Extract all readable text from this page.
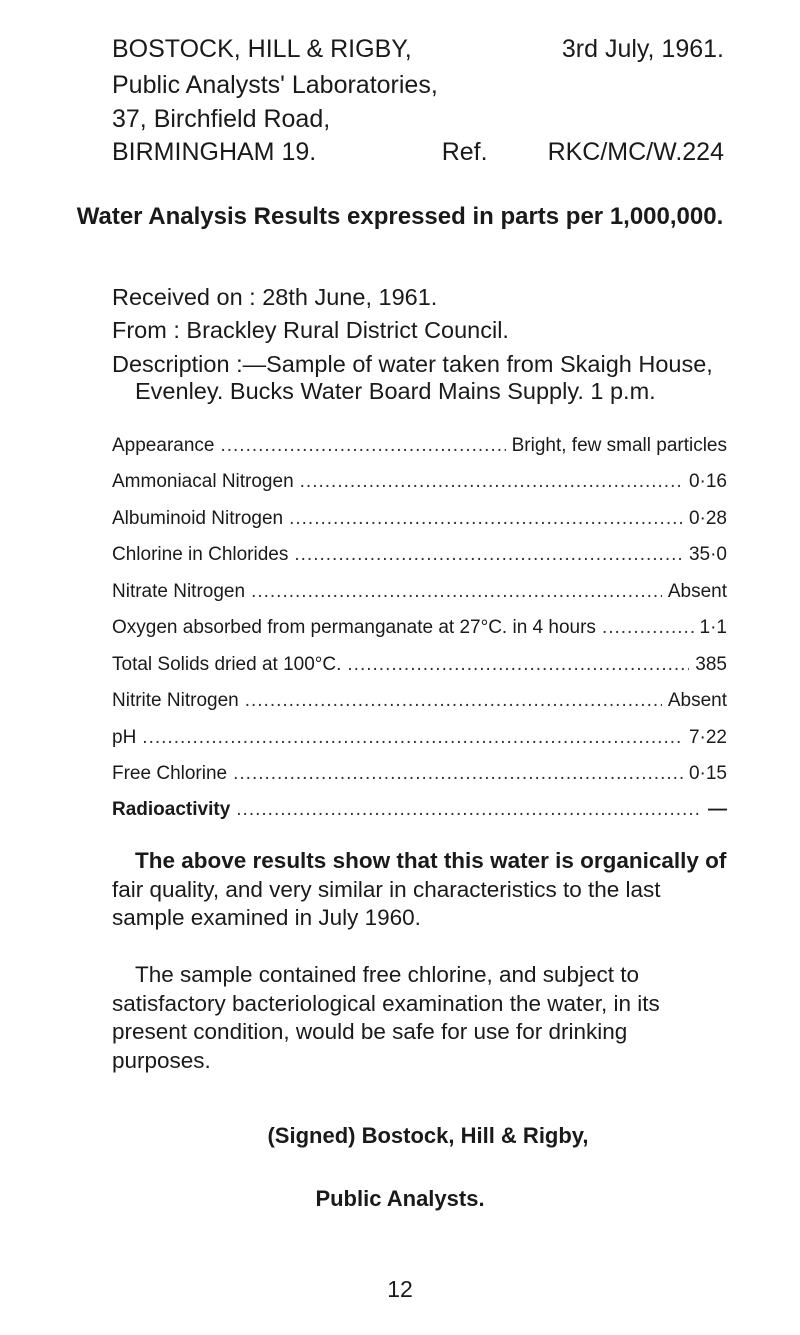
BOSTOCK, HILL & RIGBY,	3rd July, 1961.
Public Analysts' Laboratories,
37, Birchfield Road,
BIRMINGHAM 19.	Ref. RKC/MC/W.224
Water Analysis Results expressed in parts per 1,000,000.
Received on : 28th June, 1961.
From : Brackley Rural District Council.
Description :—Sample of water taken from Skaigh House,
Evenley. Bucks Water Board Mains Supply. 1 p.m.
Appearance .....	Bright, few small particles
Ammoniacal Nitrogen .....	0·16
Albuminoid Nitrogen .....	0·28
Chlorine in Chlorides .....	35·0
Nitrate Nitrogen .....	Absent
Oxygen absorbed from permanganate at 27°C. in 4 hours .....	1·1
Total Solids dried at 100°C. .....	385
Nitrite Nitrogen .....	Absent
pH .....	7·22
Free Chlorine .....	0·15
Radioactivity .....	—

The above results show that this water is organically of fair quality, and very similar in characteristics to the last sample examined in July 1960.

The sample contained free chlorine, and subject to satisfactory bacteriological examination the water, in its present condition, would be safe for use for drinking purposes.

(Signed) Bostock, Hill & Rigby,
Public Analysts.
12
